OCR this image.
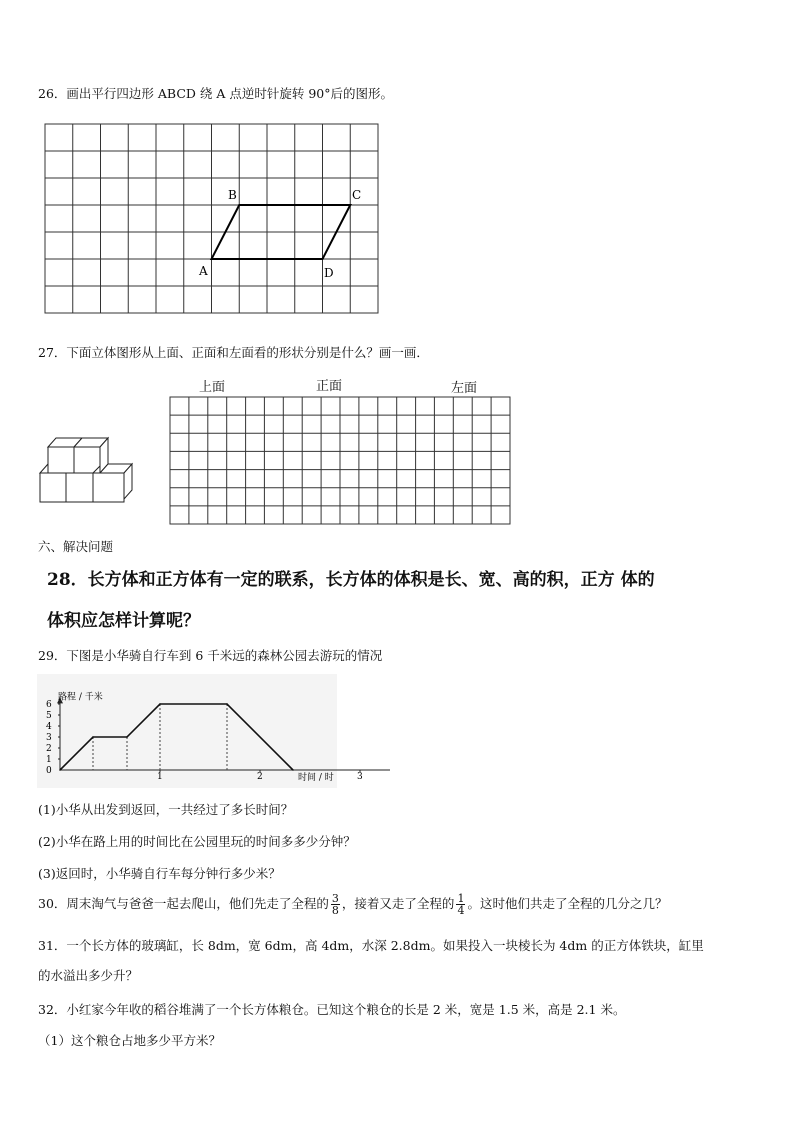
26．画出平行四边形 ABCD 绕 A 点逆时针旋转 90°后的图形。
A
B	C
D
路程 / 千米
时间 / 时
0
1
2
3
4
5
6
1	2	3
27．下面立体图形从上面、正面和左面看的形状分别是什么？画一画．
上面	正面	左面
六、解决问题
28．长方体和正方体有一定的联系，长方体的体积是长、宽、高的积，正方 体的
体积应怎样计算呢？
29．下图是小华骑自行车到 6 千米远的森林公园去游玩的情况
(1)小华从出发到返回，一共经过了多长时间？
(2)小华在路上用的时间比在公园里玩的时间多多少分钟？
(3)返回时，小华骑自行车每分钟行多少米？
30．周末淘气与爸爸一起去爬山，他们先走了全程的 $\frac{3}{8}$ ，接着又走了全程的 $\frac{1}{4}$ 。这时他们共走了全程的几分之几？
31．一个长方体的玻璃缸，长 8dm，宽 6dm，高 4dm，水深 2.8dm。如果投入一块棱长为 4dm 的正方体铁块，缸里
的水溢出多少升？
32．小红家今年收的稻谷堆满了一个长方体粮仓。已知这个粮仓的长是 2 米，宽是 1.5 米，高是 2.1 米。
（1）这个粮仓占地多少平方米？
